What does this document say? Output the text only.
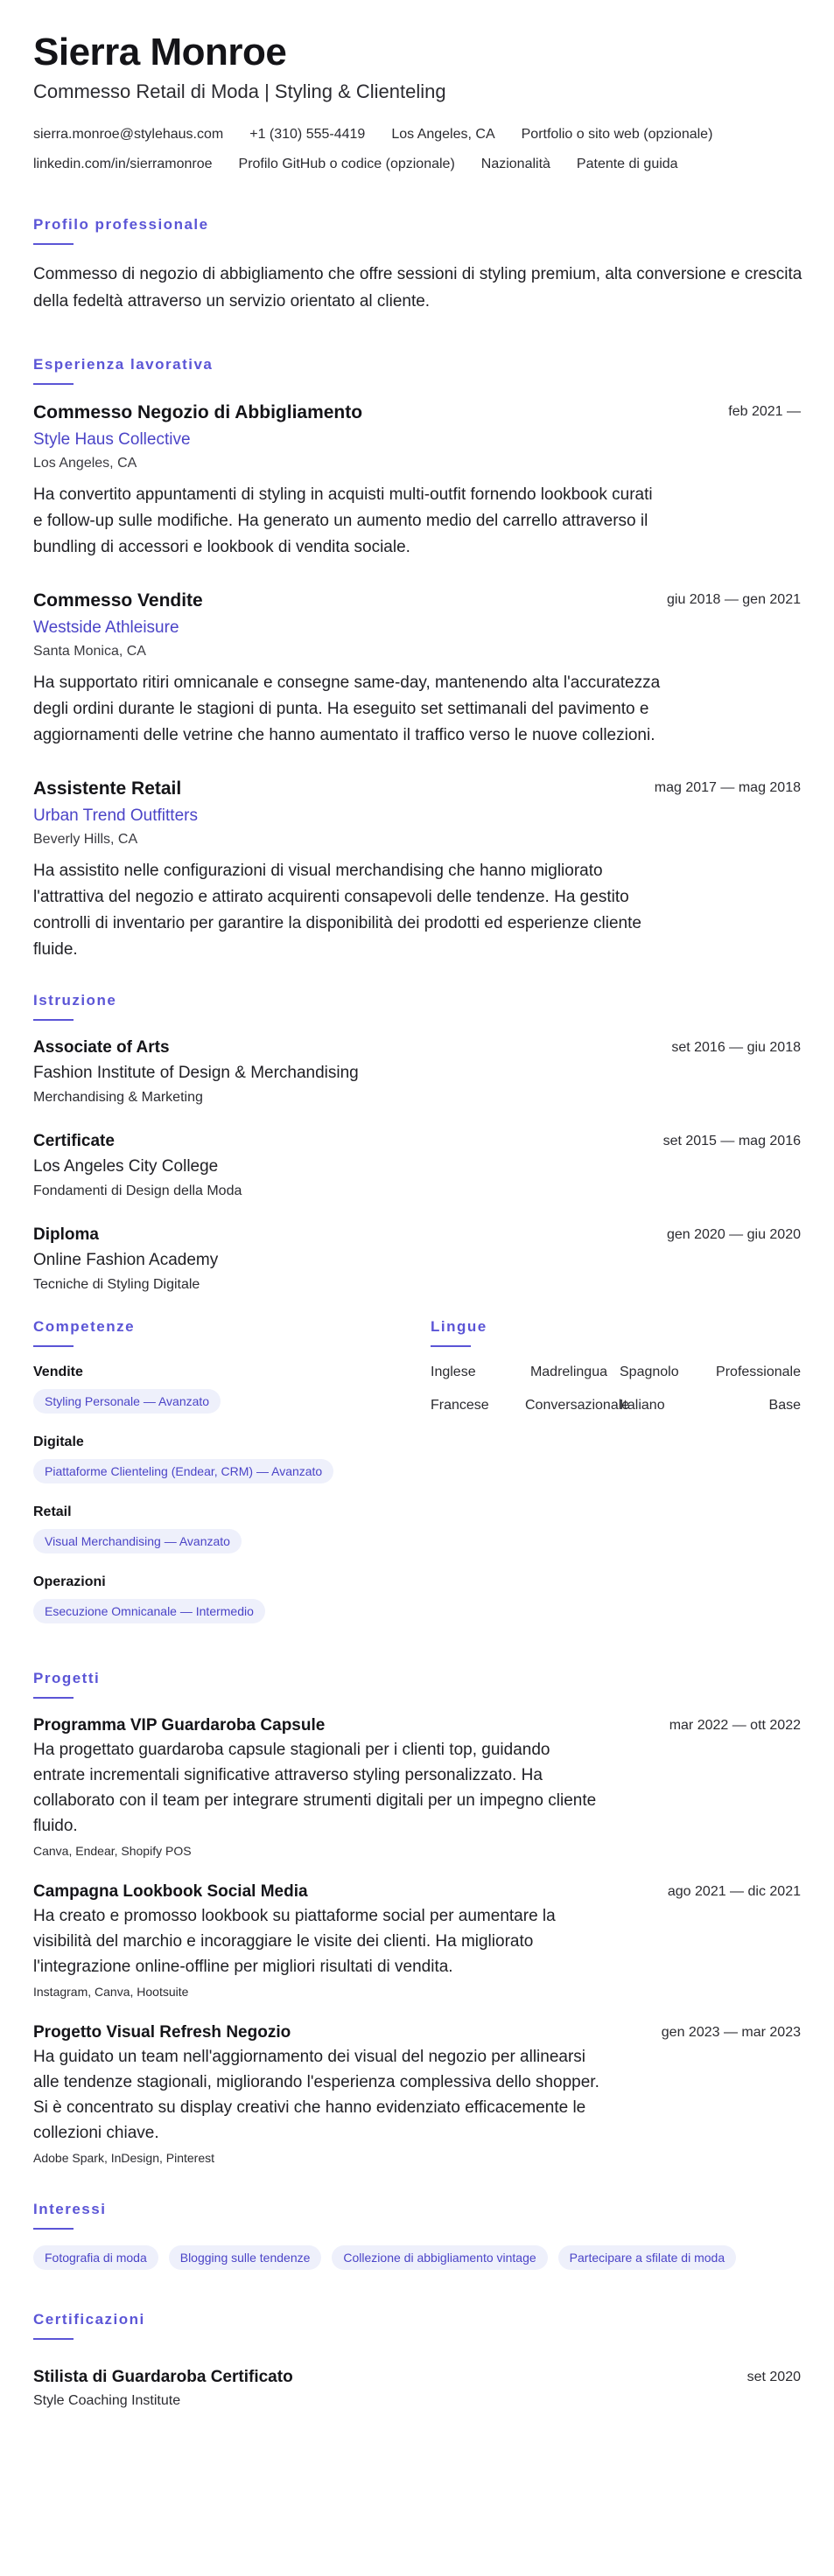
Sierra Monroe
Commesso Retail di Moda | Styling & Clienteling
sierra.monroe@stylehaus.com +1 (310) 555-4419 Los Angeles, CA Portfolio o sito web (opzionale)
linkedin.com/in/sierramonroe Profilo GitHub o codice (opzionale) Nazionalità Patente di guida
Profilo professionale

Commesso di negozio di abbigliamento che offre sessioni di styling premium, alta conversione e crescita della fedeltà attraverso un servizio orientato al cliente.

Esperienza lavorativa
Commesso Negozio di Abbigliamento
Style Haus Collective
Los Angeles, CA

Ha convertito appuntamenti di styling in acquisti multi-outfit fornendo lookbook curati e follow-up sulle modifiche. Ha generato un aumento medio del carrello attraverso il bundling di accessori e lookbook di vendita sociale.

feb 2021 —
Commesso Vendite
Westside Athleisure
Santa Monica, CA

Ha supportato ritiri omnicanale e consegne same-day, mantenendo alta l'accuratezza degli ordini durante le stagioni di punta. Ha eseguito set settimanali del pavimento e aggiornamenti delle vetrine che hanno aumentato il traffico verso le nuove collezioni.

giu 2018 — gen 2021
Assistente Retail
Urban Trend Outfitters
Beverly Hills, CA

Ha assistito nelle configurazioni di visual merchandising che hanno migliorato l'attrattiva del negozio e attirato acquirenti consapevoli delle tendenze. Ha gestito controlli di inventario per garantire la disponibilità dei prodotti ed esperienze cliente fluide.

mag 2017 — mag 2018
Istruzione
Associate of Arts
Fashion Institute of Design & Merchandising
Merchandising & Marketing
set 2016 — giu 2018
Certificate
Los Angeles City College
Fondamenti di Design della Moda
set 2015 — mag 2016
Diploma
Online Fashion Academy
Tecniche di Styling Digitale
gen 2020 — giu 2020
Competenze
Vendite
Styling Personale — Avanzato
Digitale
Piattaforme Clienteling (Endear, CRM) — Avanzato
Retail
Visual Merchandising — Avanzato
Operazioni
Esecuzione Omnicanale — Intermedio
Lingue
Inglese	Madrelingua Spagnolo	Professionale
Francese	Conversazionale
Italiano	Base
Progetti
Programma VIP Guardaroba Capsule

Ha progettato guardaroba capsule stagionali per i clienti top, guidando entrate incrementali significative attraverso styling personalizzato. Ha collaborato con il team per integrare strumenti digitali per un impegno cliente fluido.

Canva, Endear, Shopify POS
mar 2022 — ott 2022
Campagna Lookbook Social Media

Ha creato e promosso lookbook su piattaforme social per aumentare la visibilità del marchio e incoraggiare le visite dei clienti. Ha migliorato l'integrazione online-offline per migliori risultati di vendita.

Instagram, Canva, Hootsuite
ago 2021 — dic 2021
Progetto Visual Refresh Negozio

Ha guidato un team nell'aggiornamento dei visual del negozio per allinearsi alle tendenze stagionali, migliorando l'esperienza complessiva dello shopper. Si è concentrato su display creativi che hanno evidenziato efficacemente le collezioni chiave.

Adobe Spark, InDesign, Pinterest
gen 2023 — mar 2023
Interessi
Fotografia di moda	Blogging sulle tendenze	Collezione di abbigliamento vintage	Partecipare a sfilate di moda
Certificazioni
Stilista di Guardaroba Certificato
Style Coaching Institute
set 2020
